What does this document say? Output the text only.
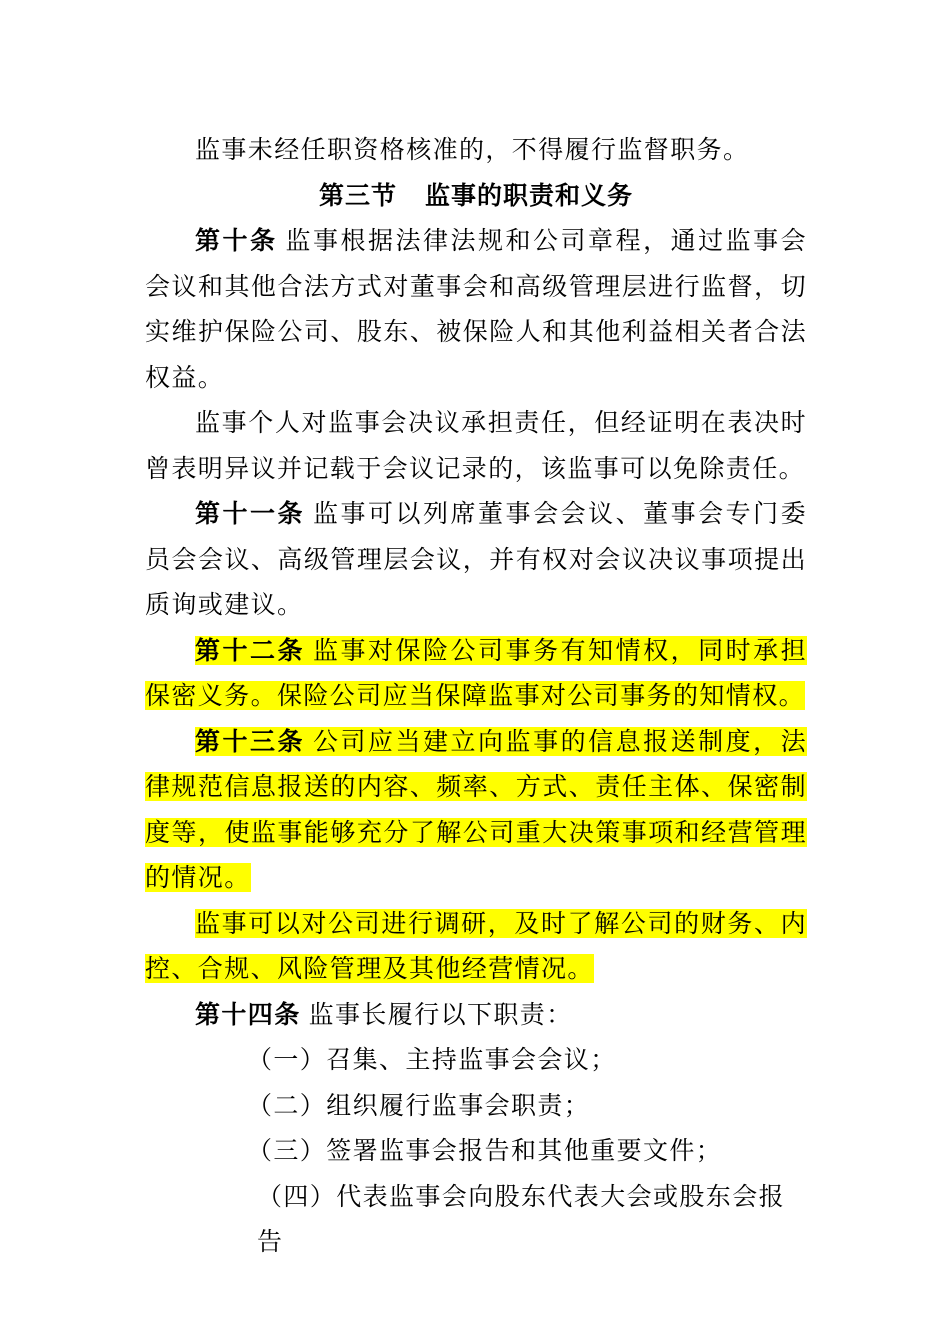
监事未经任职资格核准的，不得履行监督职务。

第三节 监事的职责和义务

第十条 监事根据法律法规和公司章程，通过监事会会议和其他合法方式对董事会和高级管理层进行监督，切实维护保险公司、股东、被保险人和其他利益相关者合法权益。

监事个人对监事会决议承担责任，但经证明在表决时曾表明异议并记载于会议记录的，该监事可以免除责任。

第十一条 监事可以列席董事会会议、董事会专门委员会会议、高级管理层会议，并有权对会议决议事项提出质询或建议。

第十二条 监事对保险公司事务有知情权，同时承担保密义务。保险公司应当保障监事对公司事务的知情权。

第十三条 公司应当建立向监事的信息报送制度，法律规范信息报送的内容、频率、方式、责任主体、保密制度等，使监事能够充分了解公司重大决策事项和经营管理的情况。

监事可以对公司进行调研，及时了解公司的财务、内控、合规、风险管理及其他经营情况。

第十四条 监事长履行以下职责：

（一）召集、主持监事会会议；

（二）组织履行监事会职责；

（三）签署监事会报告和其他重要文件；

（四）代表监事会向股东代表大会或股东会报告
